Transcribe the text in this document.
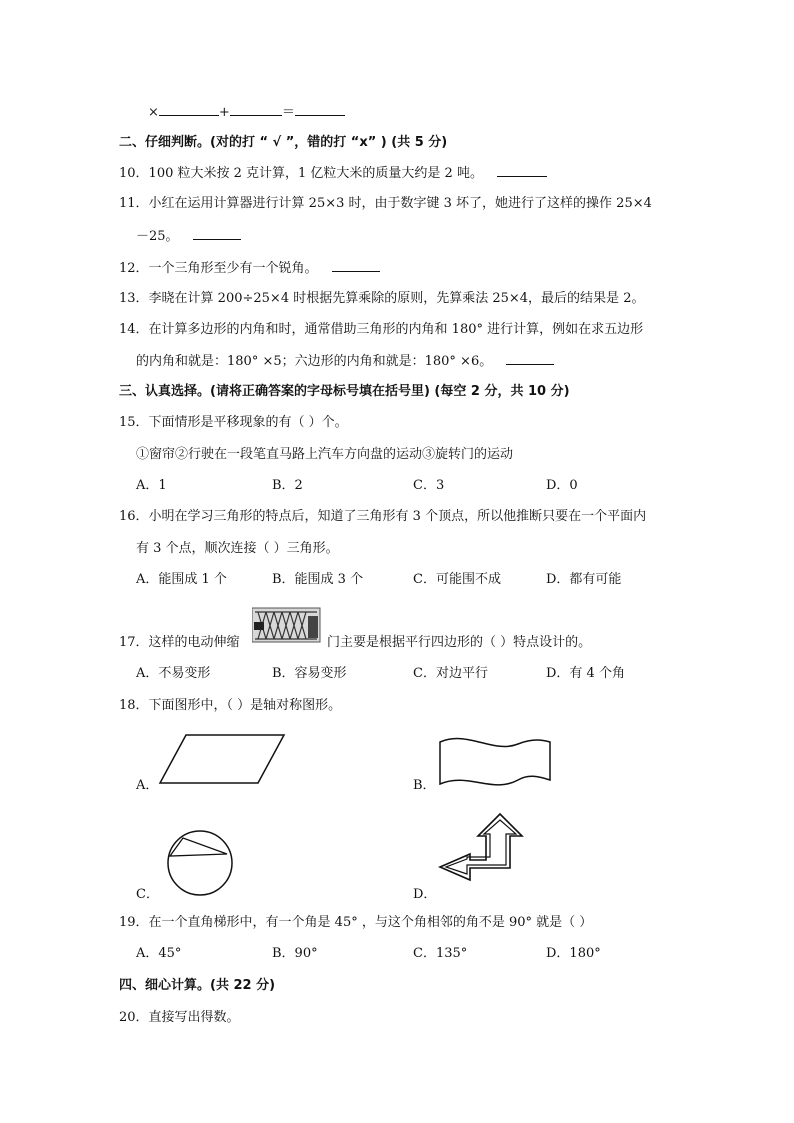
×	+	＝
二、仔细判断。(对的打 “ √ ”，错的打 “x” ) (共 5 分)
10．100 粒大米按 2 克计算，1 亿粒大米的质量大约是 2 吨。
11．小红在运用计算器进行计算 25×3 时，由于数字键 3 坏了，她进行了这样的操作 25×4
－25。
12．一个三角形至少有一个锐角。
13．李晓在计算 200÷25×4 时根据先算乘除的原则，先算乘法 25×4，最后的结果是 2。
14．在计算多边形的内角和时，通常借助三角形的内角和 180° 进行计算，例如在求五边形
的内角和就是：180° ×5；六边形的内角和就是：180° ×6。
三、认真选择。(请将正确答案的字母标号填在括号里) (每空 2 分，共 10 分)
15．下面情形是平移现象的有（ ）个。
①窗帘②行驶在一段笔直马路上汽车方向盘的运动③旋转门的运动
A．1	B．2	C．3	D．0
16．小明在学习三角形的特点后，知道了三角形有 3 个顶点，所以他推断只要在一个平面内
有 3 个点，顺次连接（ ）三角形。
A．能围成 1 个	B．能围成 3 个	C．可能围不成	D．都有可能
17．这样的电动伸缩	门主要是根据平行四边形的（ ）特点设计的。
A．不易变形	B．容易变形	C．对边平行	D．有 4 个角
18．下面图形中，（ ）是轴对称图形。
A．	B．
C．	D．
19．在一个直角梯形中，有一个角是 45° ，与这个角相邻的角不是 90° 就是（ ）
A．45°	B．90°	C．135°	D．180°
四、细心计算。(共 22 分)
20．直接写出得数。
